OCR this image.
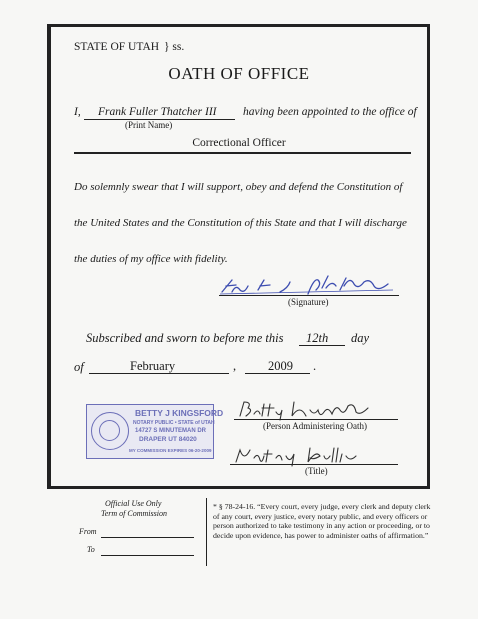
STATE OF UTAH } ss.
OATH OF OFFICE
I, Frank Fuller Thatcher III
(Print Name)
having been appointed to the office of
Correctional Officer
Do solemnly swear that I will support, obey and defend the Constitution of
the United States and the Constitution of this State and that I will discharge
the duties of my office with fidelity.
(Signature)
Subscribed and sworn to before me this 12th day
of	February	,	2009 .
BETTY J KINGSFORD
NOTARY PUBLIC • STATE of UTAH
14727 S MINUTEMAN DR
DRAPER UT 84020
MY COMMISSION EXPIRES 06-20-2009
(Person Administering Oath)
(Title)
Official Use Only
Term of Commission
From
To
* § 78-24-16. “Every court, every judge, every clerk and deputy clerk of any court, every justice, every notary public, and every officers or person authorized to take testimony in any action or proceeding, or to decide upon evidence, has power to administer oaths of affirmation.”
